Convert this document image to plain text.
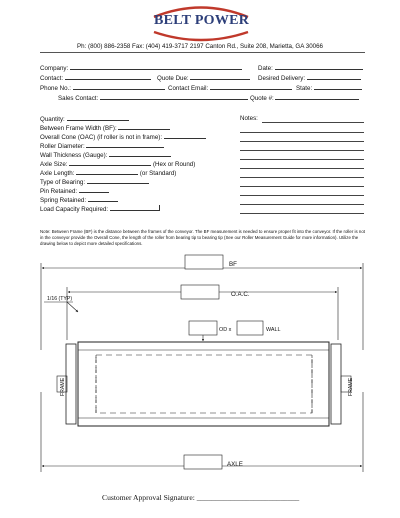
BELT POWER
Ph: (800) 886-2358 Fax: (404) 419-3717 2197 Canton Rd., Suite 208, Marietta, GA 30066
Company:	Date:
Contact:	Quote Due:	Desired Delivery:
Phone No.:	Contact Email:	State:
Sales Contact:	Quote #:
Quantity:
Between Frame Width (BF):
Overall Cone (OAC) (if roller is not in frame):
Roller Diameter:
Wall Thickness (Gauge):
Axle Size:	(Hex or Round)
Axle Length:	(or Standard)
Type of Bearing:
Pin Retained:
Spring Retained:
Load Capacity Required:
Notes:
Note: Between Frame (BF) is the distance between the frames of the conveyor. The BF measurement is needed to ensure proper fit into the conveyor. If the roller is not in the conveyor provide the Overall Cone, the length of the roller from bearing tip to bearing tip (See our Roller Measurement Guide for more information). Utilize the drawing below to depict more detailed specifications.
BF
O.A.C.
1/16 (TYP)
OD x	WALL
AXLE
FRAME	FRAME
Customer Approval Signature: ___________________________
